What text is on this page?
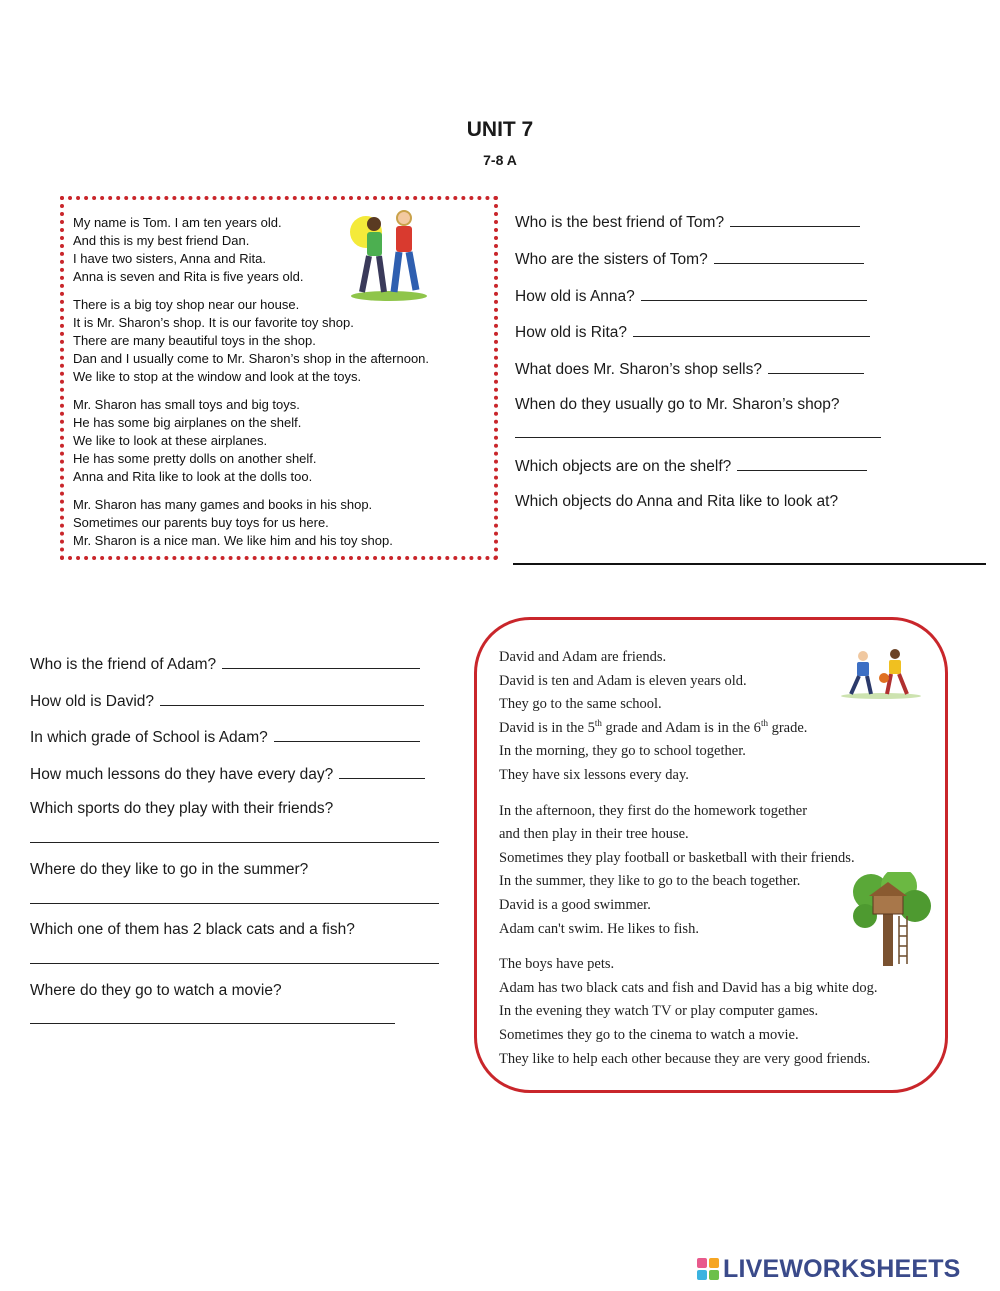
UNIT 7
7-8 A
My name is Tom. I am ten years old.
And this is my best friend Dan.
I have two sisters, Anna and Rita.
Anna is seven and Rita is five years old.
There is a big toy shop near our house.
It is Mr. Sharon’s shop. It is our favorite toy shop.
There are many beautiful toys in the shop.
Dan and I usually come to Mr. Sharon’s shop in the afternoon.
We like to stop at the window and look at the toys.
Mr. Sharon has small toys and big toys.
He has some big airplanes on the shelf.
We like to look at these airplanes.
He has some pretty dolls on another shelf.
Anna and Rita like to look at the dolls too.
Mr. Sharon has many games and books in his shop.
Sometimes our parents buy toys for us here.
Mr. Sharon is a nice man. We like him and his toy shop.
Who is the best friend of Tom?
Who are the sisters of Tom?
How old is Anna?
How old is Rita?
What does Mr. Sharon’s shop sells?
When do they usually go to Mr. Sharon’s shop?
Which objects are on the shelf?
Which objects do Anna and Rita like to look at?
Who is the friend of Adam?
How old is David?
In which grade of School is Adam?
How much lessons do they have every day?
Which sports do they play with their friends?
Where do they like to go in the summer?
Which one of them has 2 black cats and a fish?
Where do they go to watch a movie?
David and Adam are friends.
David is ten and Adam is eleven years old.
They go to the same school.
David is in the 5th grade and Adam is in the 6th grade.
In the morning, they go to school together.
They have six lessons every day.
In the afternoon, they first do the homework together
and then play in their tree house.
Sometimes they play football or basketball with their friends.
In the summer, they like to go to the beach together.
David is a good swimmer.
Adam can't swim. He likes to fish.
The boys have pets.
Adam has two black cats and fish and David has a big white dog.
In the evening they watch TV or play computer games.
Sometimes they go to the cinema to watch a movie.
They like to help each other because they are very good friends.
LIVEWORKSHEETS
